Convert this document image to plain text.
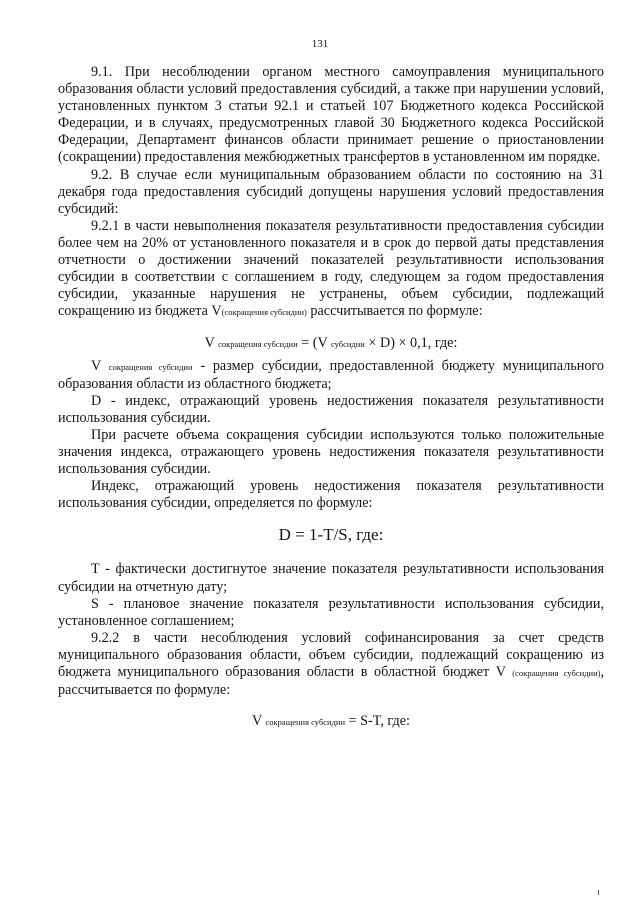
131

9.1. При несоблюдении органом местного самоуправления муниципального образования области условий предоставления субсидий, а также при нарушении условий, установленных пунктом 3 статьи 92.1 и статьей 107 Бюджетного кодекса Российской Федерации, и в случаях, предусмотренных главой 30 Бюджетного кодекса Российской Федерации, Департамент финансов области принимает решение о приостановлении (сокращении) предоставления межбюджетных трансфертов в установленном им порядке.

9.2. В случае если муниципальным образованием области по состоянию на 31 декабря года предоставления субсидий допущены нарушения условий предоставления субсидий:

9.2.1 в части невыполнения показателя результативности предоставления субсидии более чем на 20% от установленного показателя и в срок до первой даты представления отчетности о достижении значений показателей результативности использования субсидии в соответствии с соглашением в году, следующем за годом предоставления субсидии, указанные нарушения не устранены, объем субсидии, подлежащий сокращению из бюджета V(сокращения субсидии) рассчитывается по формуле:

V сокращения субсидии = (V субсидии × D) × 0,1, где:

V сокращения субсидии - размер субсидии, предоставленной бюджету муниципального образования области из областного бюджета;

D - индекс, отражающий уровень недостижения показателя результативности использования субсидии.

При расчете объема сокращения субсидии используются только положительные значения индекса, отражающего уровень недостижения показателя результативности использования субсидии.

Индекс, отражающий уровень недостижения показателя результативности использования субсидии, определяется по формуле:

D = 1-T/S, где:

T - фактически достигнутое значение показателя результативности использования субсидии на отчетную дату;

S - плановое значение показателя результативности использования субсидии, установленное соглашением;

9.2.2 в части несоблюдения условий софинансирования за счет средств муниципального образования области, объем субсидии, подлежащий сокращению из бюджета муниципального образования области в областной бюджет V (сокращения субсидии), рассчитывается по формуле:

V сокращения субсидии = S-T, где:
